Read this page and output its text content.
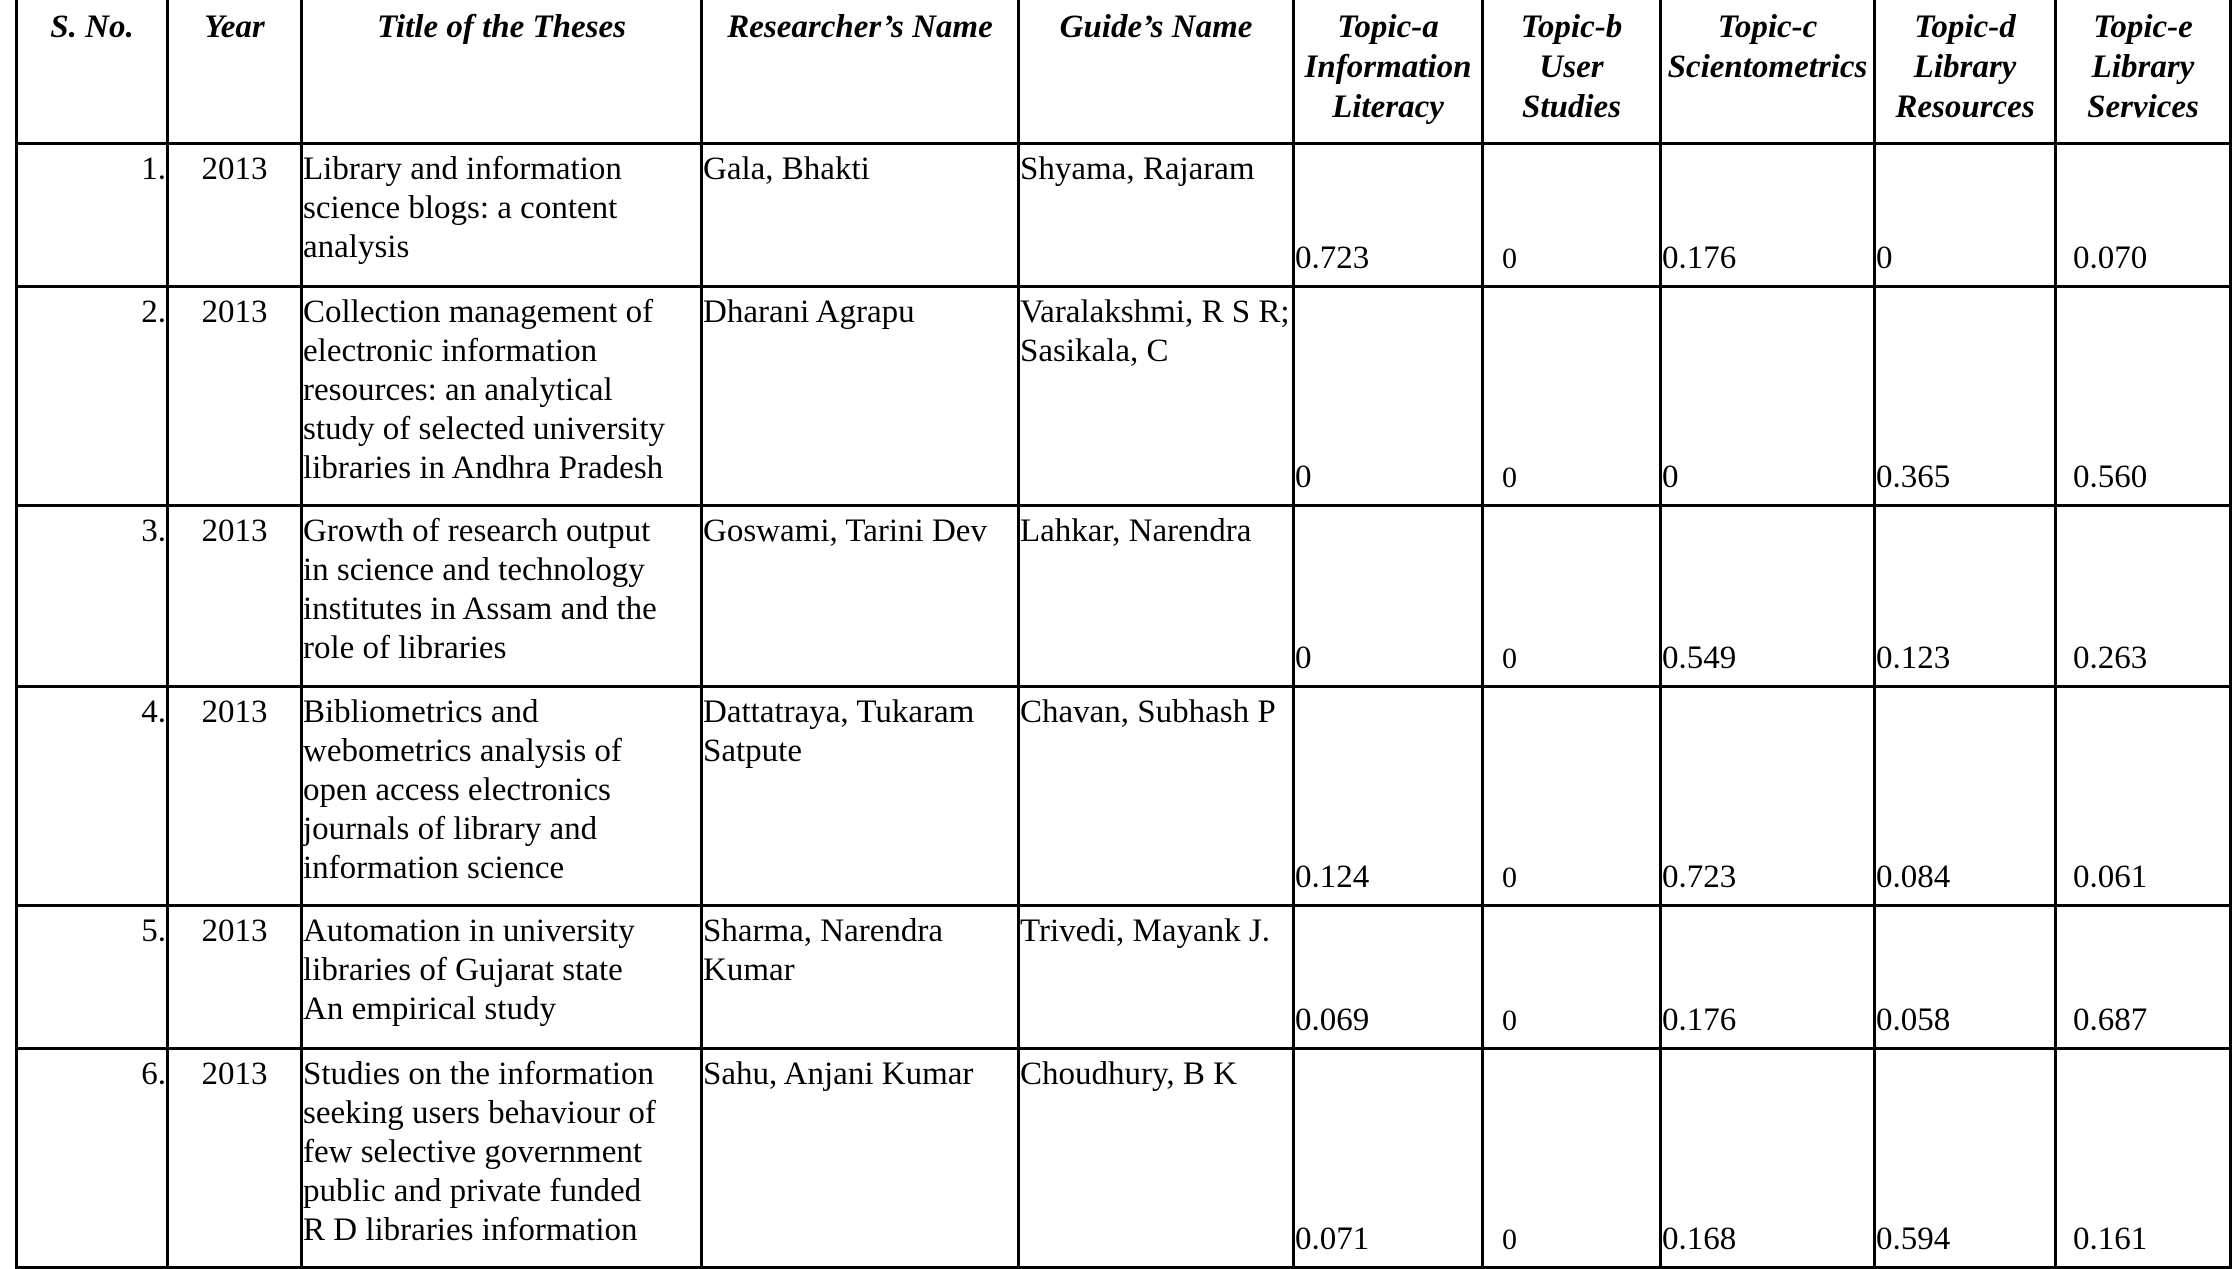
S. No.	Year	Title of the Theses	Researcher’s Name	Guide’s Name	Topic-a
Information
Literacy	Topic-b
User
Studies	Topic-c
Scientometrics	Topic-d
Library
Resources	Topic-e
Library
Services
1.	2013	Library and information
science blogs: a content
analysis	Gala, Bhakti	Shyama, Rajaram	0.723	0	0.176	0	0.070
2.	2013	Collection management of
electronic information
resources: an analytical
study of selected university
libraries in Andhra Pradesh	Dharani Agrapu	Varalakshmi, R S R; Sasikala, C	0	0	0	0.365	0.560
3.	2013	Growth of research output
in science and technology
institutes in Assam and the
role of libraries	Goswami, Tarini Dev	Lahkar, Narendra	0	0	0.549	0.123	0.263
4.	2013	Bibliometrics and
webometrics analysis of
open access electronics
journals of library and
information science	Dattatraya, Tukaram Satpute	Chavan, Subhash P	0.124	0	0.723	0.084	0.061
5.	2013	Automation in university
libraries of Gujarat state
An empirical study	Sharma, Narendra Kumar	Trivedi, Mayank J.	0.069	0	0.176	0.058	0.687
6.	2013	Studies on the information
seeking users behaviour of
few selective government
public and private funded
R D libraries information	Sahu, Anjani Kumar	Choudhury, B K	0.071	0	0.168	0.594	0.161
